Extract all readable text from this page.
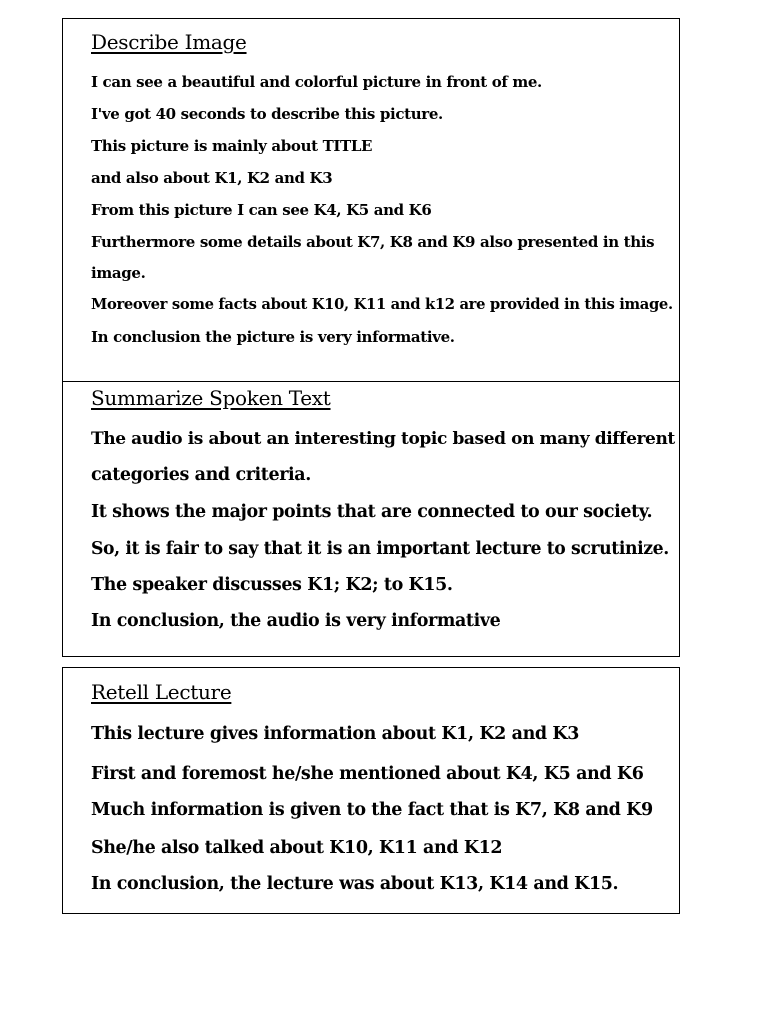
Describe Image

I can see a beautiful and colorful picture in front of me.

I've got 40 seconds to describe this picture.

This picture is mainly about TITLE

and also about K1, K2 and K3

From this picture I can see K4, K5 and K6

Furthermore some details about K7, K8 and K9 also presented in this

image.

Moreover some facts about K10, K11 and k12 are provided in this image.

In conclusion the picture is very informative.

Summarize Spoken Text

The audio is about an interesting topic based on many different

categories and criteria.

It shows the major points that are connected to our society.

So, it is fair to say that it is an important lecture to scrutinize.

The speaker discusses K1; K2; to K15.

In conclusion, the audio is very informative

Retell Lecture

This lecture gives information about K1, K2 and K3

First and foremost he/she mentioned about K4, K5 and K6

Much information is given to the fact that is K7, K8 and K9

She/he also talked about K10, K11 and K12

In conclusion, the lecture was about K13, K14 and K15.
